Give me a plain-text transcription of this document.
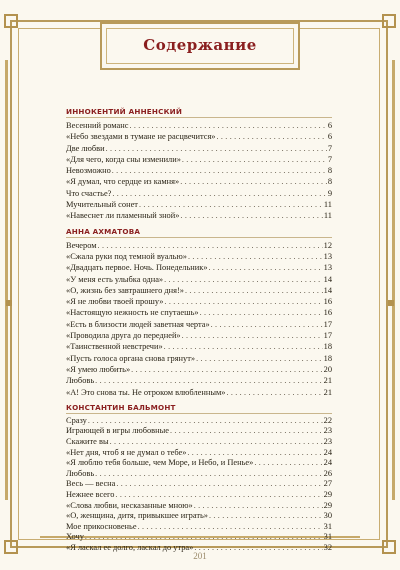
Содержание
ИННОКЕНТИЙ АННЕНСКИЙ
Весенний романс . . .	6
«Небо звездами в тумане не расцвечится» . . .	6
Две любви . . .	7
«Для чего, когда сны изменили» . . .	7
Невозможно . . .	8
«Я думал, что сердце из камня» . . .	8
Что счастье? . . .	9
Мучительный сонет . . .	11
«Навеснет ли пламенный зной» . . .	11
АННА АХМАТОВА
Вечером . . .	12
«Сжала руки под темной вуалью» . . .	13
«Двадцать первое. Ночь. Понедельник» . . .	13
«У меня есть улыбка одна» . . .	14
«О, жизнь без завтрашнего дня!» . . .	14
«Я не любви твоей прошу» . . .	16
«Настоящую нежность не спутаешь» . . .	16
«Есть в близости людей заветная черта» . . .	17
«Проводила друга до передней» . . .	17
«Таинственной невстречи» . . .	18
«Пусть голоса органа снова грянут» . . .	18
«Я умею любить» . . .	20
Любовь . . .	21
«А! Это снова ты. Не отроком влюбленным» . . .	21
КОНСТАНТИН БАЛЬМОНТ
Сразу . . .	22
Играющей в игры любовные . . .	23
Скажите вы . . .	23
«Нет дня, чтоб я не думал о тебе» . . .	24
«Я люблю тебя больше, чем Море, и Небо, и Пенье» . . .	24
Любовь . . .	26
Весь — весна . . .	27
Нежнее всего . . .	29
«Слова любви, несказанные мною» . . .	29
«О, женщина, дитя, привыкшее играть» . . .	30
Мое прикосновенье . . .	31
Хочу . . .	31
«Я ласкал ее долго, ласкал до утра» . . .	32
201
